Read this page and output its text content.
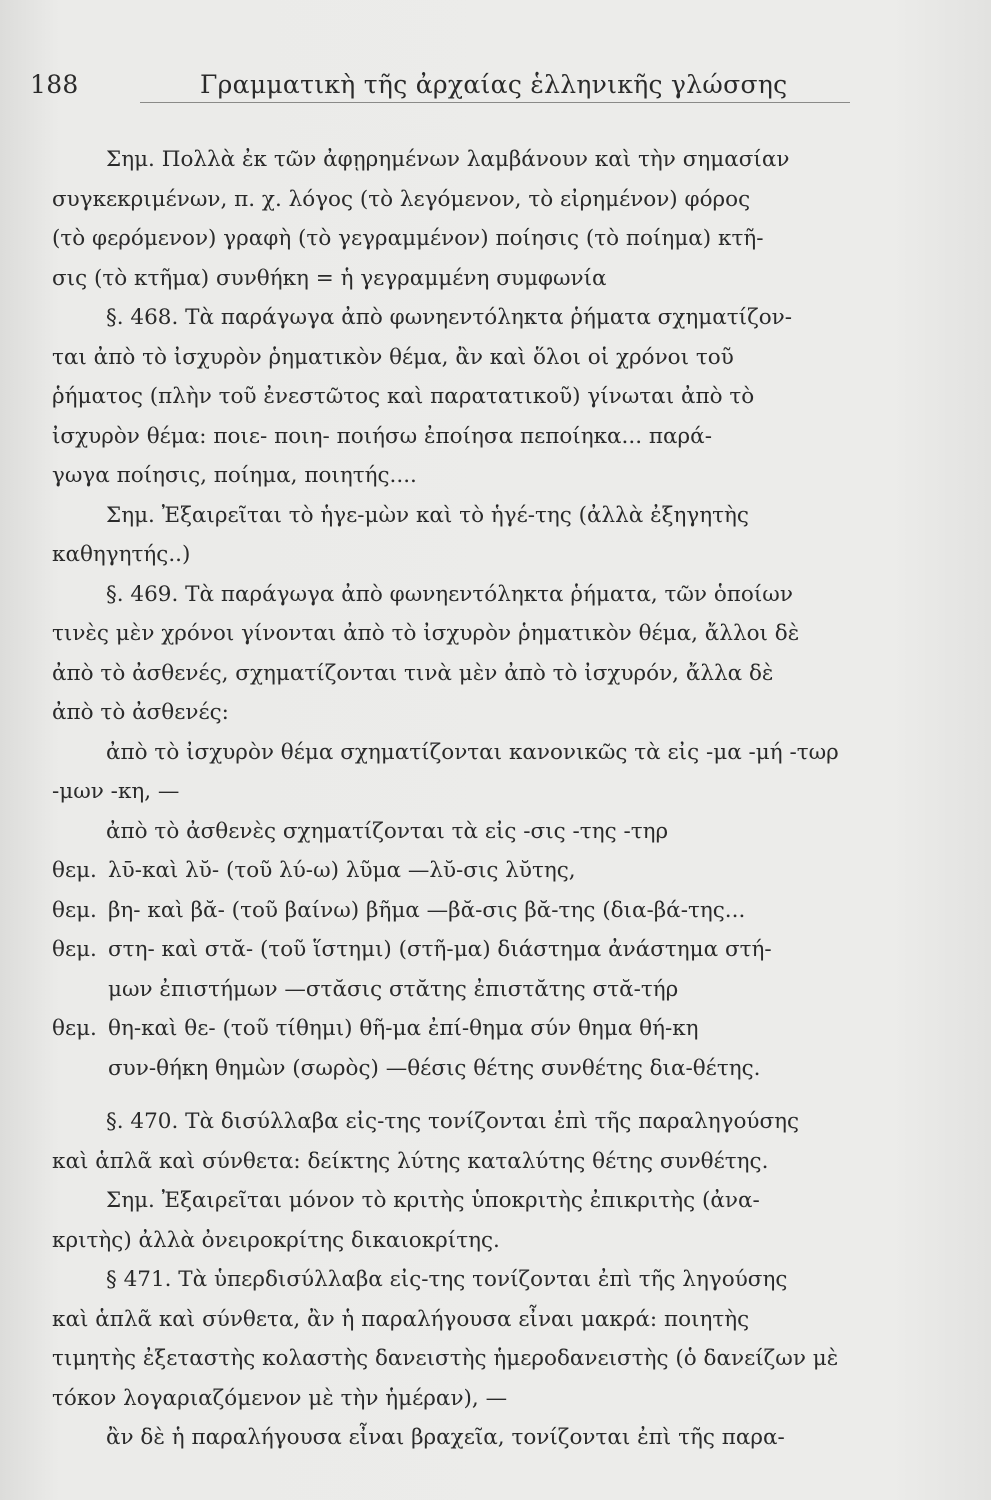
188	Γραμματικὴ τῆς ἀρχαίας ἑλληνικῆς γλώσσης
Σημ. Πολλὰ ἐκ τῶν ἀφῃρημένων λαμβάνουν καὶ τὴν σημασίαν
συγκεκριμένων, π. χ. λόγος (τὸ λεγόμενον, τὸ εἰρημένον) φόρος
(τὸ φερόμενον) γραφὴ (τὸ γεγραμμένον) ποίησις (τὸ ποίημα) κτῆ-
σις (τὸ κτῆμα) συνθήκη = ἡ γεγραμμένη συμφωνία
§. 468. Τὰ παράγωγα ἀπὸ φωνηεντόληκτα ῥήματα σχηματίζον-
ται ἀπὸ τὸ ἰσχυρὸν ῥηματικὸν θέμα, ἂν καὶ ὅλοι οἱ χρόνοι τοῦ
ῥήματος (πλὴν τοῦ ἐνεστῶτος καὶ παρατατικοῦ) γίνωται ἀπὸ τὸ
ἰσχυρὸν θέμα: ποιε- ποιη- ποιήσω ἐποίησα πεποίηκα... παρά-
γωγα ποίησις, ποίημα, ποιητής....
Σημ. Ἐξαιρεῖται τὸ ἡγε-μὼν καὶ τὸ ἡγέ-της (ἀλλὰ ἐξηγητὴς
καθηγητής..)
§. 469. Τὰ παράγωγα ἀπὸ φωνηεντόληκτα ῥήματα, τῶν ὁποίων
τινὲς μὲν χρόνοι γίνονται ἀπὸ τὸ ἰσχυρὸν ῥηματικὸν θέμα, ἄλλοι δὲ
ἀπὸ τὸ ἀσθενές, σχηματίζονται τινὰ μὲν ἀπὸ τὸ ἰσχυρόν, ἄλλα δὲ
ἀπὸ τὸ ἀσθενές:
ἀπὸ τὸ ἰσχυρὸν θέμα σχηματίζονται κανονικῶς τὰ εἰς -μα -μή -τωρ
-μων -κη, —
ἀπὸ τὸ ἀσθενὲς σχηματίζονται τὰ εἰς -σις -της -τηρ
θεμ. λῡ-καὶ λῠ- (τοῦ λύ-ω) λῦμα —λῠ-σις λῠτης,
θεμ. βη- καὶ βᾰ- (τοῦ βαίνω) βῆμα —βᾰ-σις βᾰ-της (δια-βά-της...
θεμ. στη- καὶ στᾰ- (τοῦ ἵστημι) (στῆ-μα) διάστημα ἀνάστημα στή-
μων ἐπιστήμων —στᾰσις στᾰτης ἐπιστᾰτης στᾰ-τήρ
θεμ. θη-καὶ θε- (τοῦ τίθημι) θῆ-μα ἐπί-θημα σύν θημα θή-κη
συν-θήκη θημὼν (σωρὸς) —θέσις θέτης συνθέτης δια-θέτης.
§. 470. Τὰ δισύλλαβα εἰς-της τονίζονται ἐπὶ τῆς παραληγούσης
καὶ ἁπλᾶ καὶ σύνθετα: δείκτης λύτης καταλύτης θέτης συνθέτης.
Σημ. Ἐξαιρεῖται μόνον τὸ κριτὴς ὑποκριτὴς ἐπικριτὴς (ἀνα-
κριτὴς) ἀλλὰ ὀνειροκρίτης δικαιοκρίτης.
§ 471. Τὰ ὑπερδισύλλαβα εἰς-της τονίζονται ἐπὶ τῆς ληγούσης
καὶ ἁπλᾶ καὶ σύνθετα, ἂν ἡ παραλήγουσα εἶναι μακρά: ποιητὴς
τιμητὴς ἐξεταστὴς κολαστὴς δανειστὴς ἡμεροδανειστὴς (ὁ δανείζων μὲ
τόκον λογαριαζόμενον μὲ τὴν ἡμέραν), —
ἂν δὲ ἡ παραλήγουσα εἶναι βραχεῖα, τονίζονται ἐπὶ τῆς παρα-
